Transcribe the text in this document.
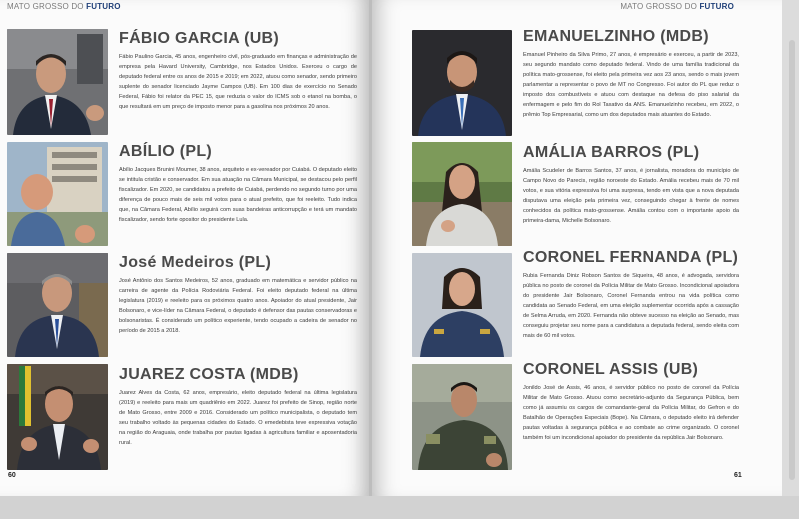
MATO GROSSO DO FUTURO
FÁBIO GARCIA (UB)
Fábio Paulino Garcia, 45 anos, engenheiro civil, pós-graduado em finanças e administração de empresa pela Havard University, Cambridge, nos Estados Unidos. Exerceu o cargo de deputado federal entre os anos de 2015 e 2019; em 2022, atuou como senador, sendo primeiro suplente do senador licenciado Jayme Campos (UB). Em 100 dias de exercício no Senado Federal, Fábio foi relator da PEC 15, que reduzia o valor do ICMS sob o etanol na bomba, o que resultará em um preço de imposto menor para a gasolina nos próximos 20 anos.
ABÍLIO (PL)
Abílio Jacques Brunini Moumer, 38 anos, arquiteto e ex-vereador por Cuiabá. O deputado eleito se intitula cristão e conservador. Em sua atuação na Câmara Municipal, se destacou pelo perfil fiscalizador. Em 2020, se candidatou a prefeito de Cuiabá, perdendo no segundo turno por uma diferença de pouco mais de seis mil votos para o atual prefeito, que foi reeleito. Tudo indica que, na Câmara Federal, Abílio seguirá com suas bandeiras anticorrupção e terá um mandato fiscalizador, sendo forte opositor do presidente Lula.
José Medeiros (PL)
José Antônio dos Santos Medeiros, 52 anos, graduado em matemática e servidor público na carreira de agente da Polícia Rodoviária Federal. Foi eleito deputado federal na última legislatura (2019) e reeleito para os próximos quatro anos. Apoiador do atual presidente, Jair Bolsonaro, e vice-líder na Câmara Federal, o deputado é defensor das pautas conservadoras e bolsonaristas. É considerado um político experiente, tendo ocupado a cadeira de senador no período de 2015 a 2018.
JUAREZ COSTA (MDB)
Juarez Alves da Costa, 62 anos, empresário, eleito deputado federal na última legislatura (2019) e reeleito para mais um quadriênio em 2022. Juarez foi prefeito de Sinop, região norte de Mato Grosso, entre 2009 e 2016. Considerado um político municipalista, o deputado tem seu trabalho voltado às pequenas cidades do Estado. O emedebista teve expressiva votação na região do Araguaia, onde trabalha por pautas ligadas à agricultura familiar e aposentadoria rural.
60
MATO GROSSO DO FUTURO
EMANUELZINHO (MDB)
Emanuel Pinheiro da Silva Primo, 27 anos, é empresário e exerceu, a partir de 2023, seu segundo mandato como deputado federal. Vindo de uma família tradicional da política mato-grossense, foi eleito pela primeira vez aos 23 anos, sendo o mais jovem parlamentar a representar o povo de MT no Congresso. Foi autor do PL que reduz o imposto dos combustíveis e atuou com destaque na defesa do piso salarial da enfermagem e pelo fim do Rol Taxativo da ANS. Emanuelzinho recebeu, em 2022, o prêmio Top Empresarial, como um dos deputados mais atuantes do Estado.
AMÁLIA BARROS (PL)
Amália Scudeler de Barros Santos, 37 anos, é jornalista, moradora do município de Campo Novo do Parecis, região noroeste do Estado. Amália recebeu mais de 70 mil votos, e sua vitória expressiva foi uma surpresa, tendo em vista que a nova deputada disputava uma eleição pela primeira vez, conseguindo chegar à frente de nomes conhecidos da política mato-grossense. Amália contou com o importante apoio da primeira-dama, Michelle Bolsonaro.
CORONEL FERNANDA (PL)
Rubia Fernanda Diniz Robson Santos de Siqueira, 48 anos, é advogada, servidora pública no posto de coronel da Polícia Militar de Mato Grosso. Incondicional apoiadora do presidente Jair Bolsonaro, Coronel Fernanda entrou na vida política como candidata ao Senado Federal, em uma eleição suplementar ocorrida após a cassação de Selma Arruda, em 2020. Fernanda não obteve sucesso na eleição ao Senado, mas conseguiu projetar seu nome para a candidatura a deputada federal, sendo eleita com mais de 60 mil votos.
CORONEL ASSIS (UB)
Jonildo José de Assis, 46 anos, é servidor público no posto de coronel da Polícia Militar de Mato Grosso. Atuou como secretário-adjunto da Segurança Pública, bem como já assumiu os cargos de comandante-geral da Polícia Militar, do Gefron e do Batalhão de Operações Especiais (Bope). Na Câmara, o deputado eleito irá defender pautas voltadas à segurança pública e ao combate ao crime organizado. O coronel também foi um incondicional apoiador do presidente da república Jair Bolsonaro.
61
